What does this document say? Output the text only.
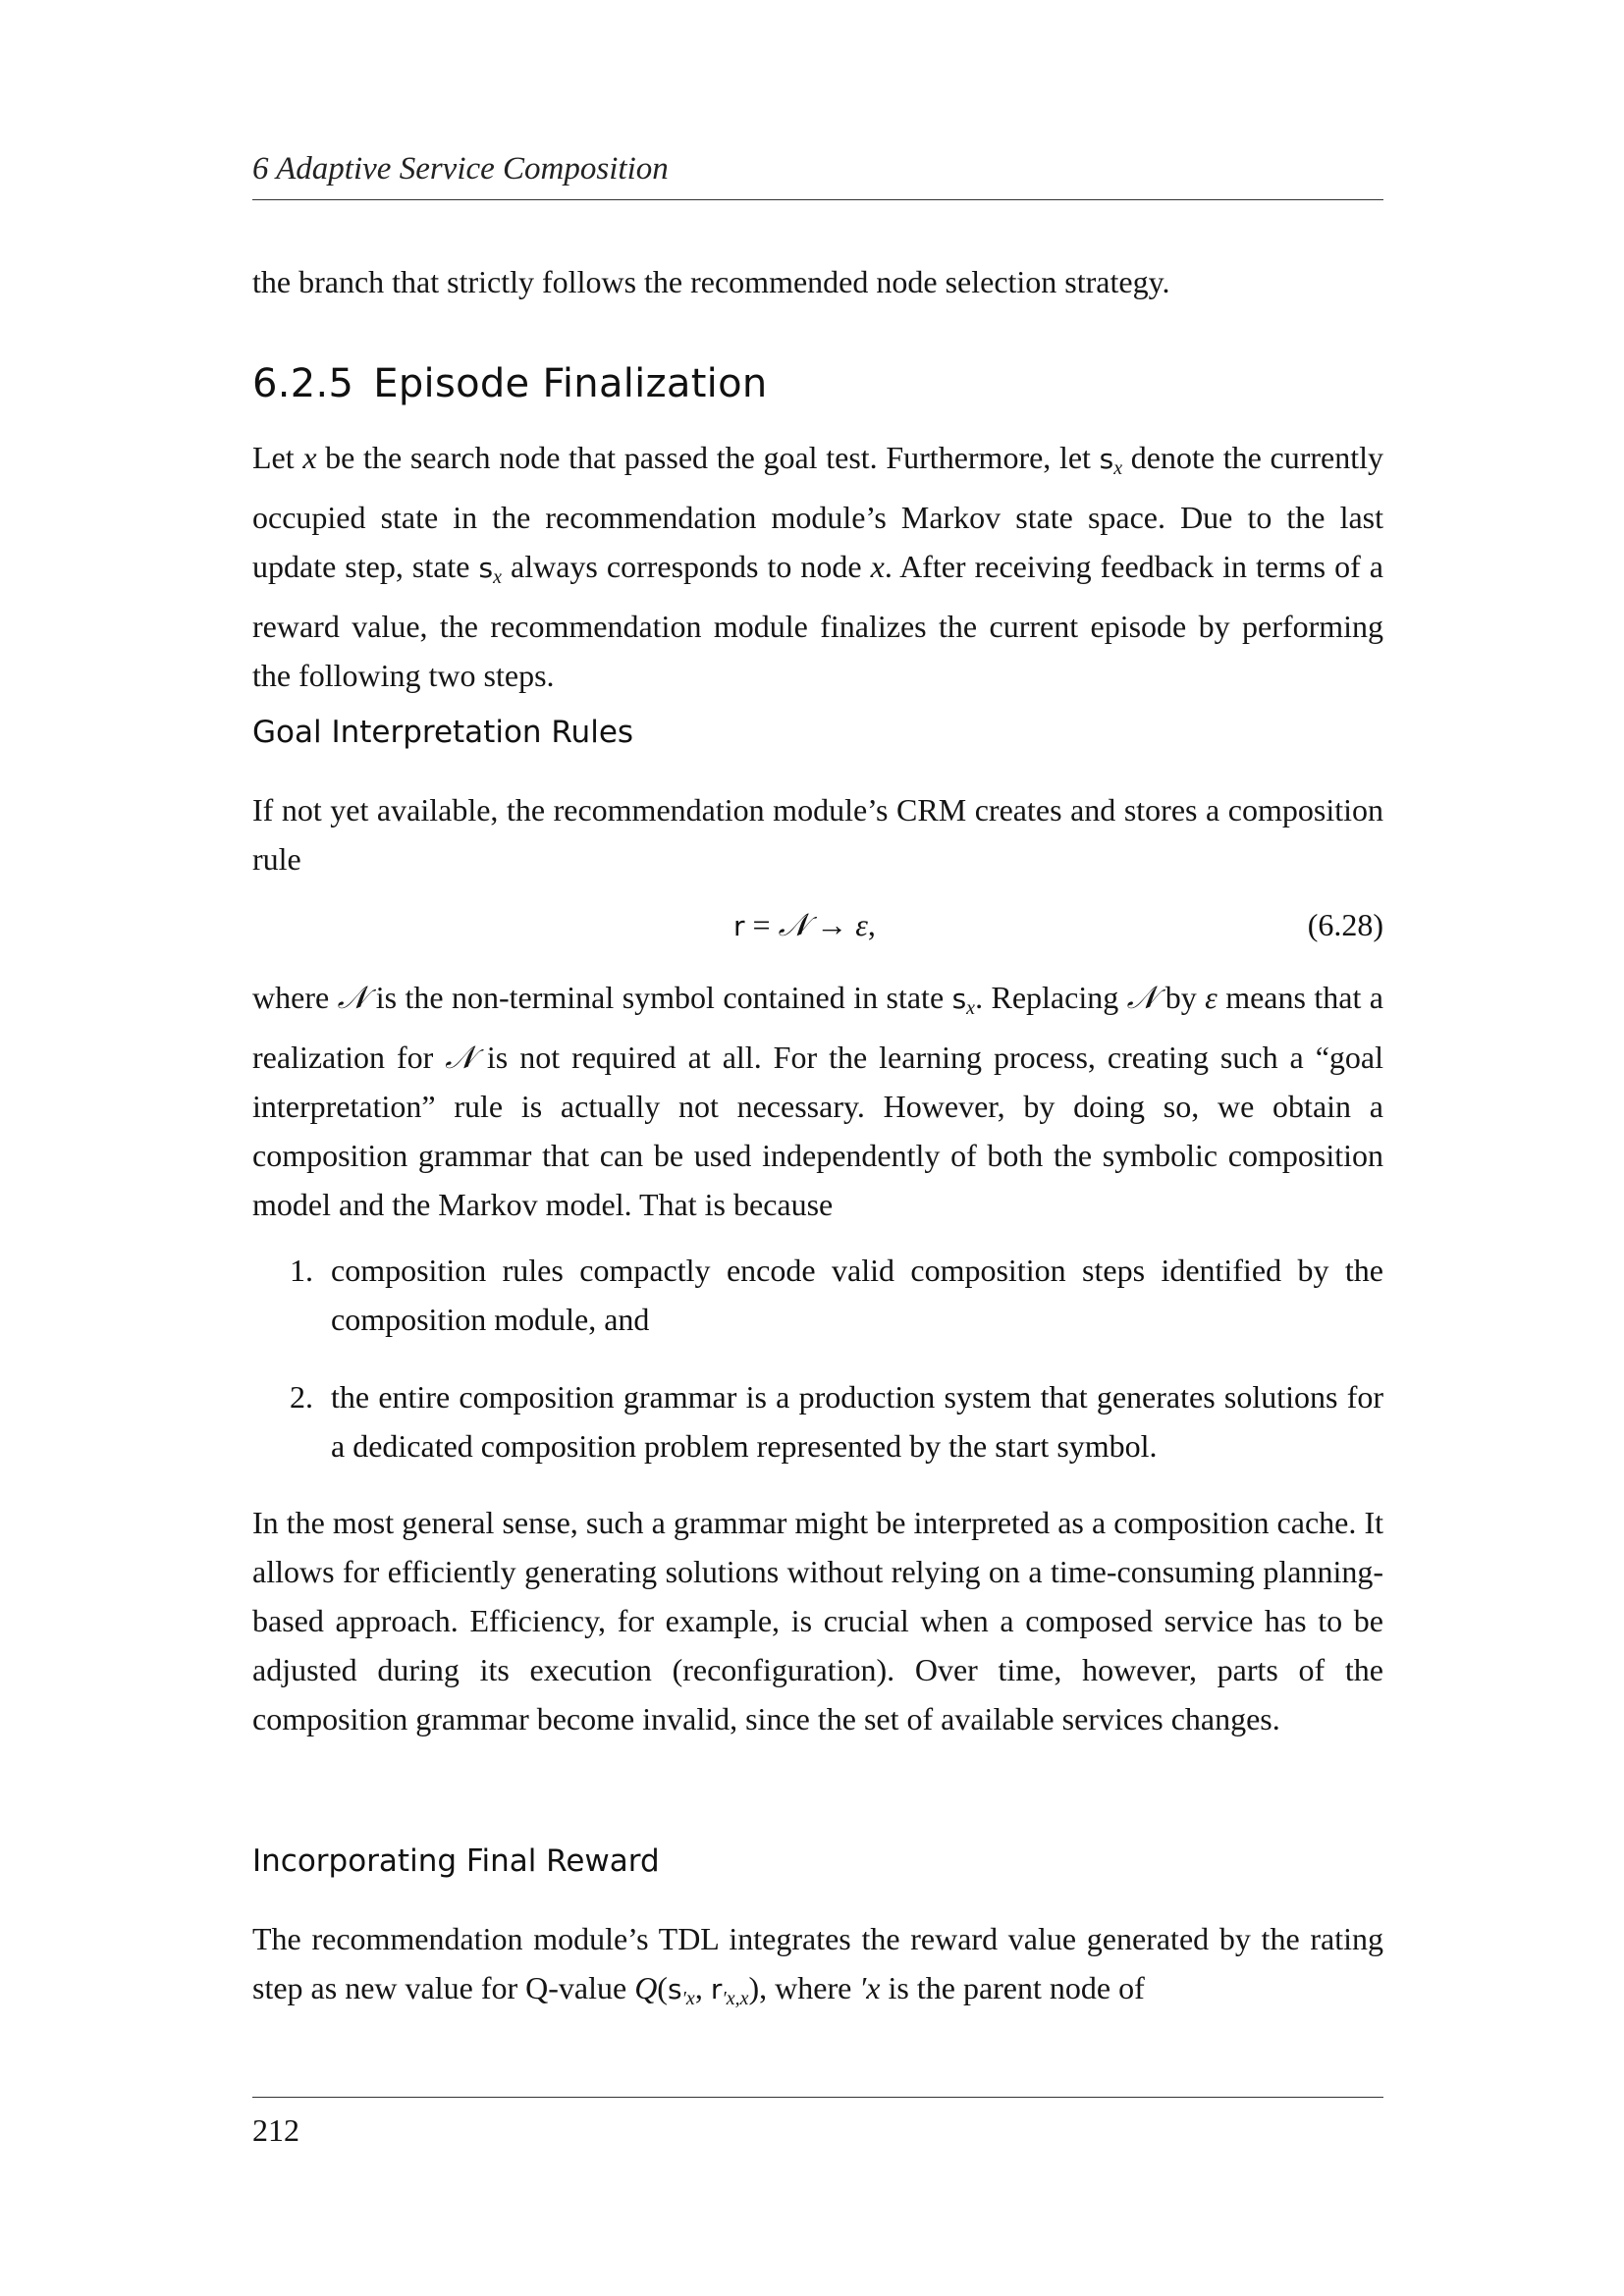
6 Adaptive Service Composition
the branch that strictly follows the recommended node selection strategy.
6.2.5 Episode Finalization
Let x be the search node that passed the goal test. Furthermore, let $s_x$ denote the currently occupied state in the recommendation module’s Markov state space. Due to the last update step, state $s_x$ always corresponds to node x. After receiving feedback in terms of a reward value, the recommendation module finalizes the current episode by performing the following two steps.
Goal Interpretation Rules
If not yet available, the recommendation module’s CRM creates and stores a composition rule
r = 𝒩 → ε,	(6.28)
where 𝒩 is the non-terminal symbol contained in state $s_x$. Replacing 𝒩 by ε means that a realization for 𝒩 is not required at all. For the learning process, creating such a “goal interpretation” rule is actually not necessary. However, by doing so, we obtain a composition grammar that can be used independently of both the symbolic composition model and the Markov model. That is because
1. composition rules compactly encode valid composition steps identified by the composition module, and
2. the entire composition grammar is a production system that generates solutions for a dedicated composition problem represented by the start symbol.
In the most general sense, such a grammar might be interpreted as a composition cache. It allows for efficiently generating solutions without relying on a time-consuming planning-based approach. Efficiency, for example, is crucial when a composed service has to be adjusted during its execution (reconfiguration). Over time, however, parts of the composition grammar become invalid, since the set of available services changes.
Incorporating Final Reward
The recommendation module’s TDL integrates the reward value generated by the rating step as new value for Q-value $Q(s_{'x}$, $r_{'x,x}$), where ′x is the parent node of
212
